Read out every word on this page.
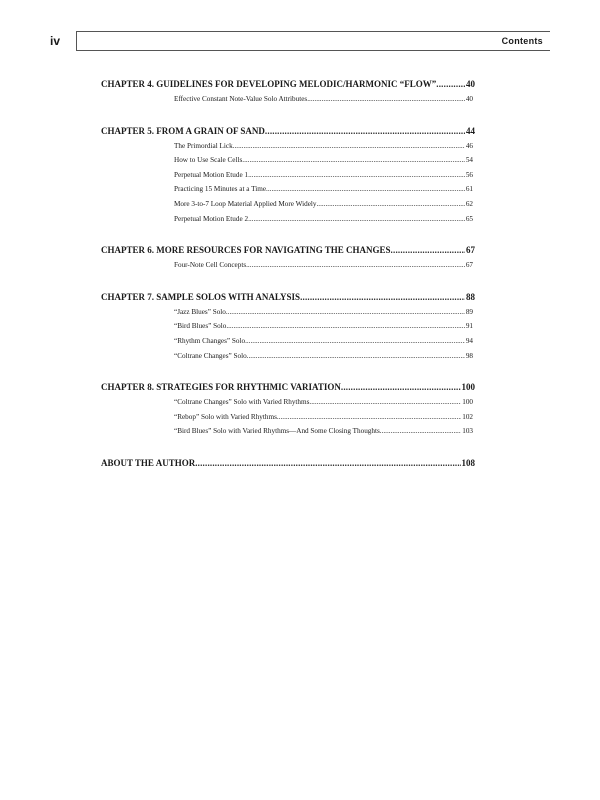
iv	Contents
CHAPTER 4. GUIDELINES FOR DEVELOPING MELODIC/HARMONIC “FLOW” .....	40
Effective Constant Note-Value Solo Attributes .....	40
CHAPTER 5. FROM A GRAIN OF SAND .....	44
The Primordial Lick .....	46
How to Use Scale Cells .....	54
Perpetual Motion Etude 1 .....	56
Practicing 15 Minutes at a Time .....	61
More 3-to-7 Loop Material Applied More Widely .....	62
Perpetual Motion Etude 2 .....	65
CHAPTER 6. MORE RESOURCES FOR NAVIGATING THE CHANGES .....	67
Four-Note Cell Concepts .....	67
CHAPTER 7. SAMPLE SOLOS WITH ANALYSIS .....	88
“Jazz Blues” Solo .....	89
“Bird Blues” Solo .....	91
“Rhythm Changes” Solo .....	94
“Coltrane Changes” Solo .....	98
CHAPTER 8. STRATEGIES FOR RHYTHMIC VARIATION .....	100
“Coltrane Changes” Solo with Varied Rhythms .....	100
“Rebop” Solo with Varied Rhythms .....	102
“Bird Blues” Solo with Varied Rhythms—And Some Closing Thoughts .....	103
ABOUT THE AUTHOR .....	108
